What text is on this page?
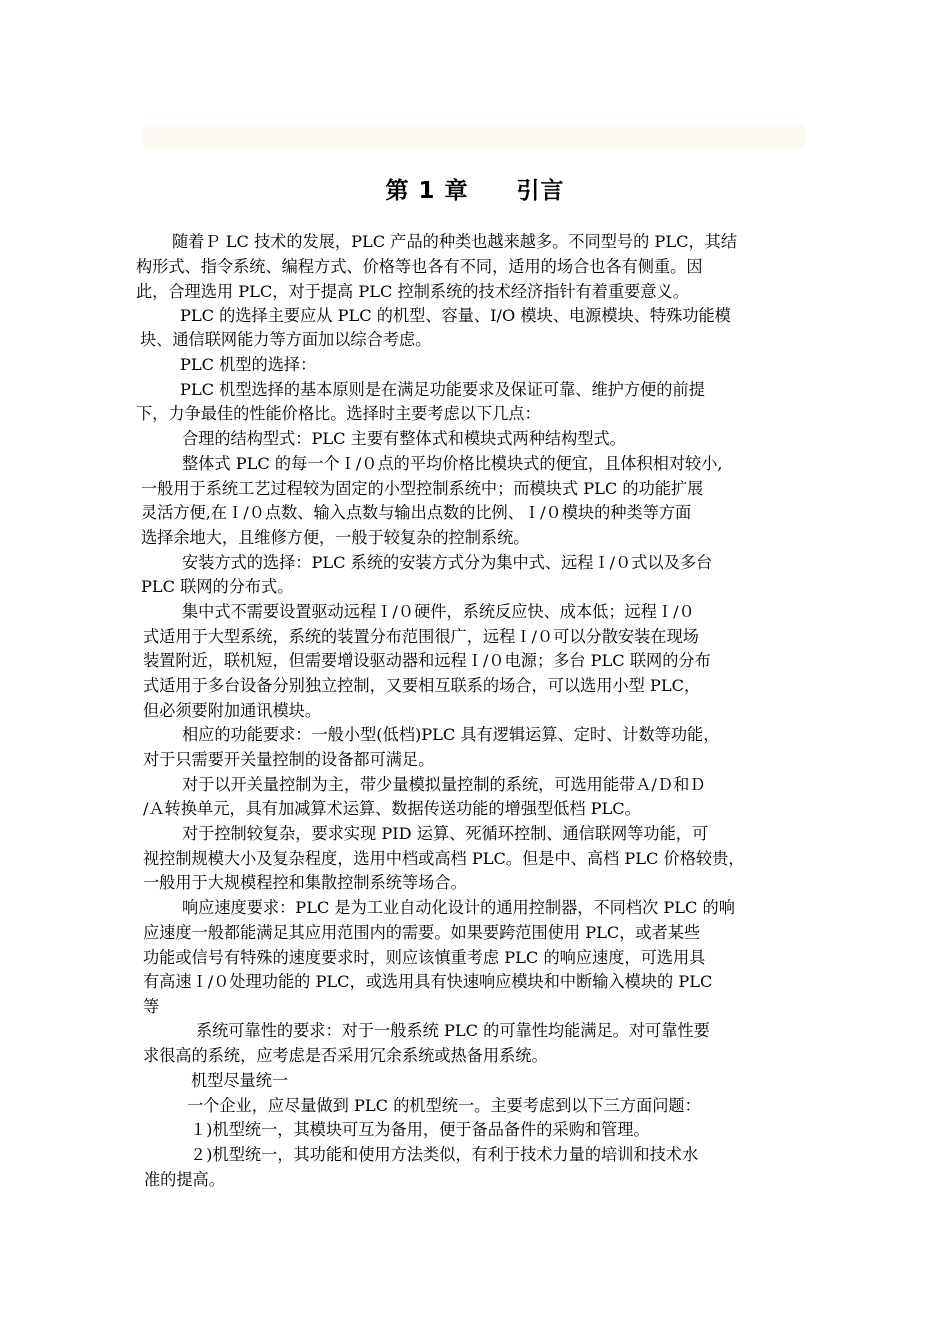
第 1 章　　引言
随着Ｐ LC 技术的发展，PLC 产品的种类也越来越多。不同型号的 PLC，其结
构形式、指令系统、编程方式、价格等也各有不同，适用的场合也各有侧重。因
此，合理选用 PLC，对于提高 PLC 控制系统的技术经济指针有着重要意义。
PLC 的选择主要应从 PLC 的机型、容量、I/O 模块、电源模块、特殊功能模
块、通信联网能力等方面加以综合考虑。
PLC 机型的选择：
PLC 机型选择的基本原则是在满足功能要求及保证可靠、维护方便的前提
下，力争最佳的性能价格比。选择时主要考虑以下几点：
合理的结构型式：PLC 主要有整体式和模块式两种结构型式。
整体式 PLC 的每一个Ｉ/０点的平均价格比模块式的便宜，且体积相对较小,
一般用于系统工艺过程较为固定的小型控制系统中；而模块式 PLC 的功能扩展
灵活方便,在Ｉ/０点数、输入点数与输出点数的比例、Ｉ/０模块的种类等方面
选择余地大，且维修方便，一般于较复杂的控制系统。
安装方式的选择：PLC 系统的安装方式分为集中式、远程Ｉ/０式以及多台
PLC 联网的分布式。
集中式不需要设置驱动远程Ｉ/０硬件，系统反应快、成本低；远程Ｉ/０
式适用于大型系统，系统的装置分布范围很广，远程Ｉ/０可以分散安装在现场
装置附近，联机短，但需要增设驱动器和远程Ｉ/０电源；多台 PLC 联网的分布
式适用于多台设备分别独立控制，又要相互联系的场合，可以选用小型 PLC，
但必须要附加通讯模块。
相应的功能要求：一般小型(低档)PLC 具有逻辑运算、定时、计数等功能，
对于只需要开关量控制的设备都可满足。
对于以开关量控制为主，带少量模拟量控制的系统，可选用能带Ａ/Ｄ和Ｄ
/Ａ转换单元，具有加减算术运算、数据传送功能的增强型低档 PLC。
对于控制较复杂，要求实现 PID 运算、死循环控制、通信联网等功能，可
视控制规模大小及复杂程度，选用中档或高档 PLC。但是中、高档 PLC 价格较贵，
一般用于大规模程控和集散控制系统等场合。
响应速度要求：PLC 是为工业自动化设计的通用控制器，不同档次 PLC 的响
应速度一般都能满足其应用范围内的需要。如果要跨范围使用 PLC，或者某些
功能或信号有特殊的速度要求时，则应该慎重考虑 PLC 的响应速度，可选用具
有高速Ｉ/０处理功能的 PLC，或选用具有快速响应模块和中断输入模块的 PLC
等
系统可靠性的要求：对于一般系统 PLC 的可靠性均能满足。对可靠性要
求很高的系统，应考虑是否采用冗余系统或热备用系统。
机型尽量统一
一个企业，应尽量做到 PLC 的机型统一。主要考虑到以下三方面问题：
１)机型统一，其模块可互为备用，便于备品备件的采购和管理。
２)机型统一，其功能和使用方法类似，有利于技术力量的培训和技术水
准的提高。
